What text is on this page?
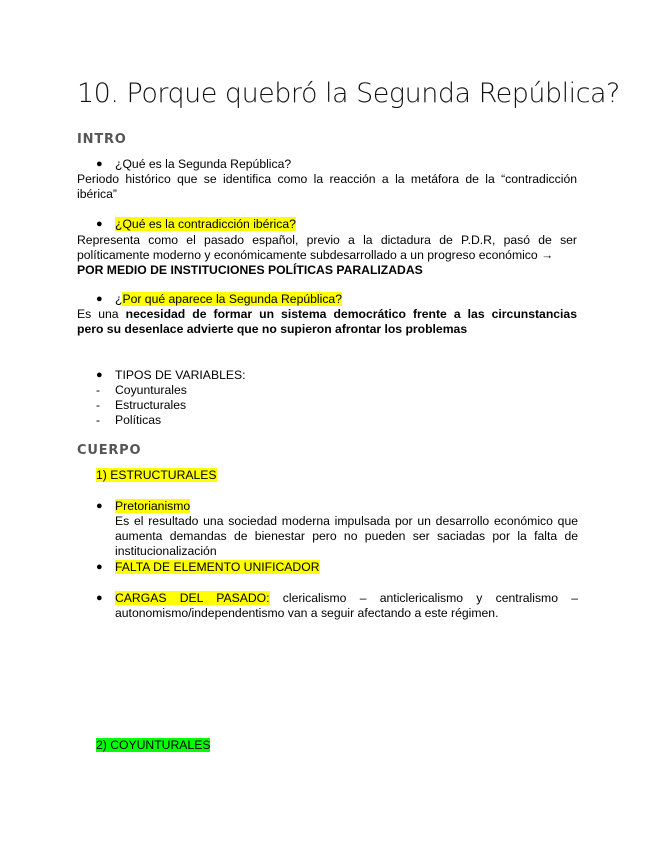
10. Porque quebró la Segunda República?
INTRO
● ¿Qué es la Segunda República?
Periodo histórico que se identifica como la reacción a la metáfora de la “contradicción ibérica”
● ¿Qué es la contradicción ibérica?
Representa como el pasado español, previo a la dictadura de P.D.R, pasó de ser
políticamente moderno y económicamente subdesarrollado a un progreso económico →
POR MEDIO DE INSTITUCIONES POLÍTICAS PARALIZADAS
● ¿Por qué aparece la Segunda República?
Es una necesidad de formar un sistema democrático frente a las circunstancias
pero su desenlace advierte que no supieron afrontar los problemas
● TIPOS DE VARIABLES:
- Coyunturales
- Estructurales
- Políticas
CUERPO
1) ESTRUCTURALES
● Pretorianismo
Es el resultado una sociedad moderna impulsada por un desarrollo económico que aumenta demandas de bienestar pero no pueden ser saciadas por la falta de institucionalización
● FALTA DE ELEMENTO UNIFICADOR
● CARGAS DEL PASADO: clericalismo – anticlericalismo y centralismo –
autonomismo/independentismo van a seguir afectando a este régimen.
2) COYUNTURALES
